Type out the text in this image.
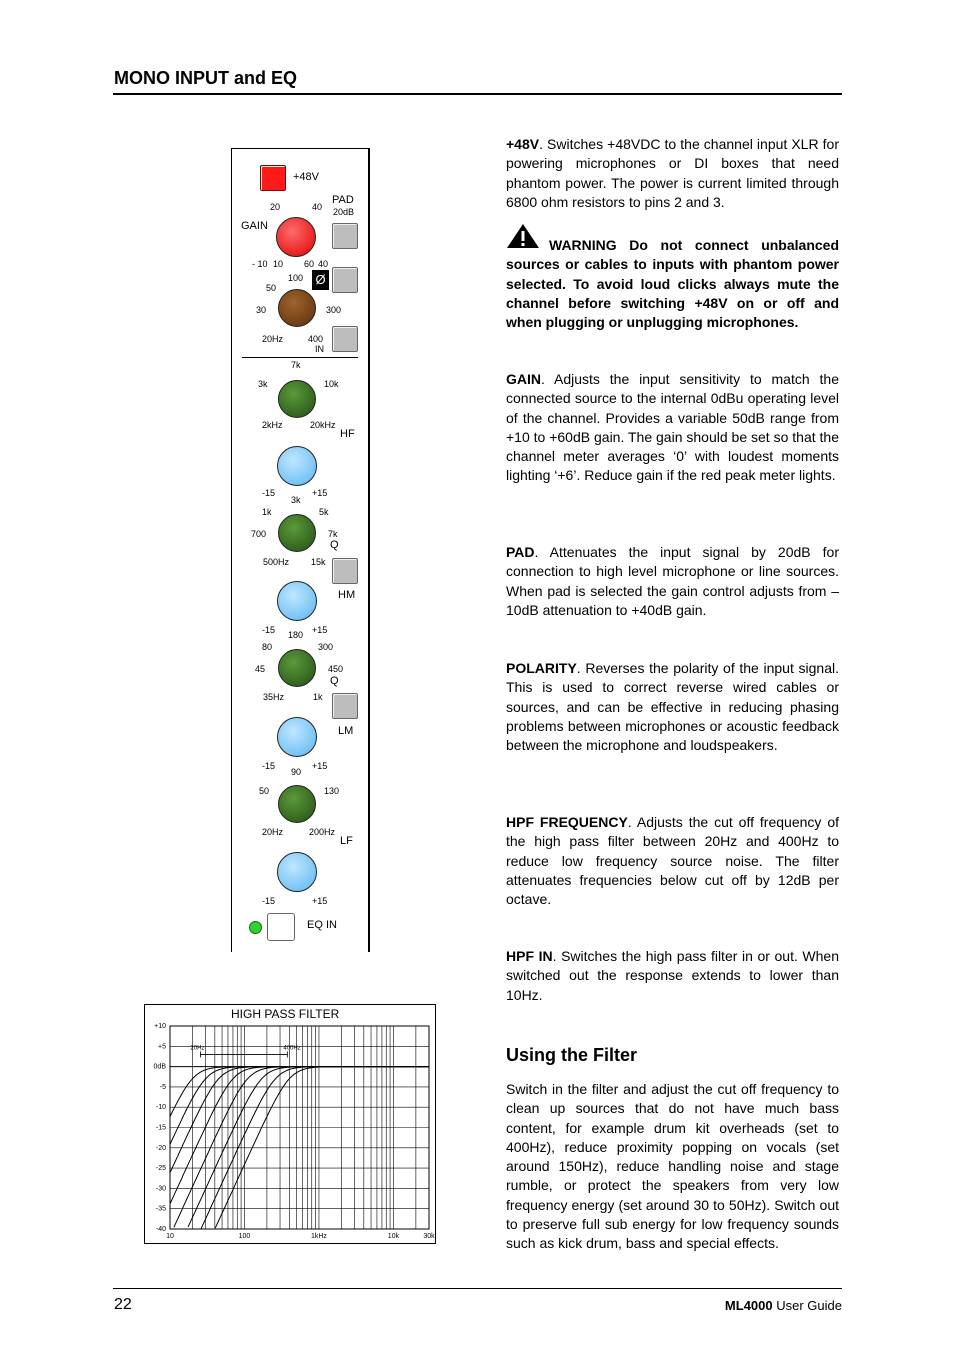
MONO INPUT and EQ
+48V
PAD
20dB
20	40
GAIN
- 10 10 60 40
Ø
100
50
30	300
20Hz	400
IN
7k
3k	10k
2kHz	20kHz
HF
-15	+15
3k
1k	5k
700	7k
Q
500Hz 15k
HM
-15	+15
180
80	300
45	450
Q
35Hz	1k
LM
-15	+15
90
50	130
20Hz	200Hz
LF
-15	+15
EQ IN
HIGH PASS FILTER
+10
+5
0dB
-5
-10
-15
-20
-25
-30
-35
-40
10	100	1kHz	10k	30k
20Hz	400Hz
+48V. Switches +48VDC to the channel input XLR for powering microphones or DI boxes that need phantom power. The power is current limited through 6800 ohm resistors to pins 2 and 3.
WARNING Do not connect unbalanced sources or cables to inputs with phantom power selected. To avoid loud clicks always mute the channel before switching +48V on or off and when plugging or unplugging microphones.
GAIN. Adjusts the input sensitivity to match the connected source to the internal 0dBu operating level of the channel. Provides a variable 50dB range from +10 to +60dB gain. The gain should be set so that the channel meter averages ‘0’ with loudest moments lighting ‘+6’. Reduce gain if the red peak meter lights.
PAD. Attenuates the input signal by 20dB for connection to high level microphone or line sources. When pad is selected the gain control adjusts from –10dB attenuation to +40dB gain.
POLARITY. Reverses the polarity of the input signal. This is used to correct reverse wired cables or sources, and can be effective in reducing phasing problems between microphones or acoustic feedback between the microphone and loudspeakers.
HPF FREQUENCY. Adjusts the cut off frequency of the high pass filter between 20Hz and 400Hz to reduce low frequency source noise. The filter attenuates frequencies below cut off by 12dB per octave.
HPF IN. Switches the high pass filter in or out. When switched out the response extends to lower than 10Hz.
Using the Filter
Switch in the filter and adjust the cut off frequency to clean up sources that do not have much bass content, for example drum kit overheads (set to 400Hz), reduce proximity popping on vocals (set around 150Hz), reduce handling noise and stage rumble, or protect the speakers from very low frequency energy (set around 30 to 50Hz). Switch out to preserve full sub energy for low frequency sounds such as kick drum, bass and special effects.
22	ML4000 User Guide
